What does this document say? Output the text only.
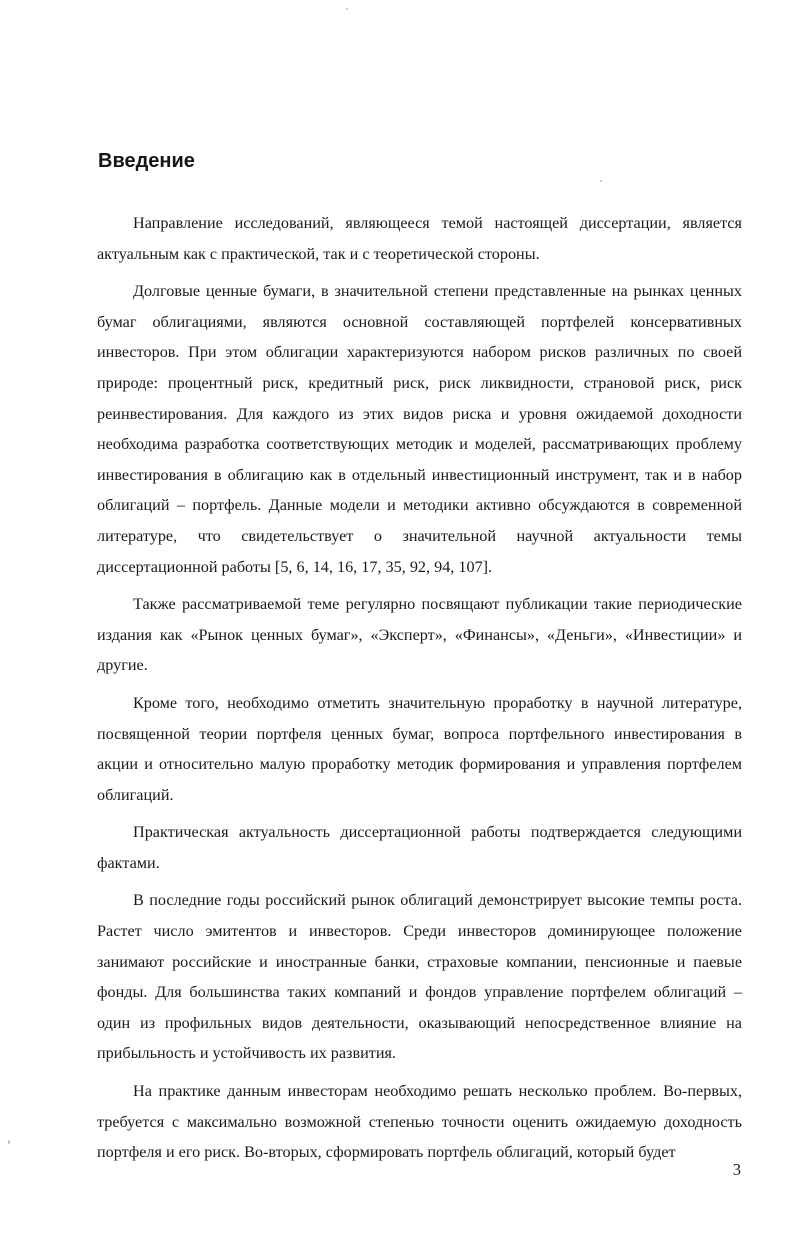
Введение

Направление исследований, являющееся темой настоящей диссертации, является актуальным как с практической, так и с теоретической стороны.

Долговые ценные бумаги, в значительной степени представленные на рынках ценных бумаг облигациями, являются основной составляющей портфелей консервативных инвесторов. При этом облигации характеризуются набором рисков различных по своей природе: процентный риск, кредитный риск, риск ликвидности, страновой риск, риск реинвестирования. Для каждого из этих видов риска и уровня ожидаемой доходности необходима разработка соответствующих методик и моделей, рассматривающих проблему инвестирования в облигацию как в отдельный инвестиционный инструмент, так и в набор облигаций – портфель. Данные модели и методики активно обсуждаются в современной литературе, что свидетельствует о значительной научной актуальности темы диссертационной работы [5, 6, 14, 16, 17, 35, 92, 94, 107].

Также рассматриваемой теме регулярно посвящают публикации такие периодические издания как «Рынок ценных бумаг», «Эксперт», «Финансы», «Деньги», «Инвестиции» и другие.

Кроме того, необходимо отметить значительную проработку в научной литературе, посвященной теории портфеля ценных бумаг, вопроса портфельного инвестирования в акции и относительно малую проработку методик формирования и управления портфелем облигаций.

Практическая актуальность диссертационной работы подтверждается следующими фактами.

В последние годы российский рынок облигаций демонстрирует высокие темпы роста. Растет число эмитентов и инвесторов. Среди инвесторов доминирующее положение занимают российские и иностранные банки, страховые компании, пенсионные и паевые фонды. Для большинства таких компаний и фондов управление портфелем облигаций – один из профильных видов деятельности, оказывающий непосредственное влияние на прибыльность и устойчивость их развития.

На практике данным инвесторам необходимо решать несколько проблем. Во-первых, требуется с максимально возможной степенью точности оценить ожидаемую доходность портфеля и его риск. Во-вторых, сформировать портфель облигаций, который будет

3
